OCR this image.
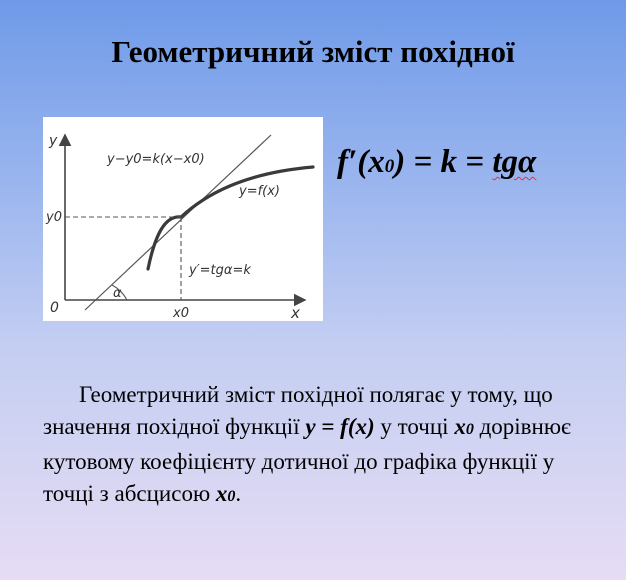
Геометричний зміст похідної
y
x
0	x0
y0
y−y0=k(x−x0)
y=f(x)
y′=tgα=k
α
f′(x0) = k = tgα
Геометричний зміст похідної полягає у тому, що значення похідної функції y = f(x) у точці x0 дорівнює кутовому коефіцієнту дотичної до графіка функції у точці з абсцисою x0.
